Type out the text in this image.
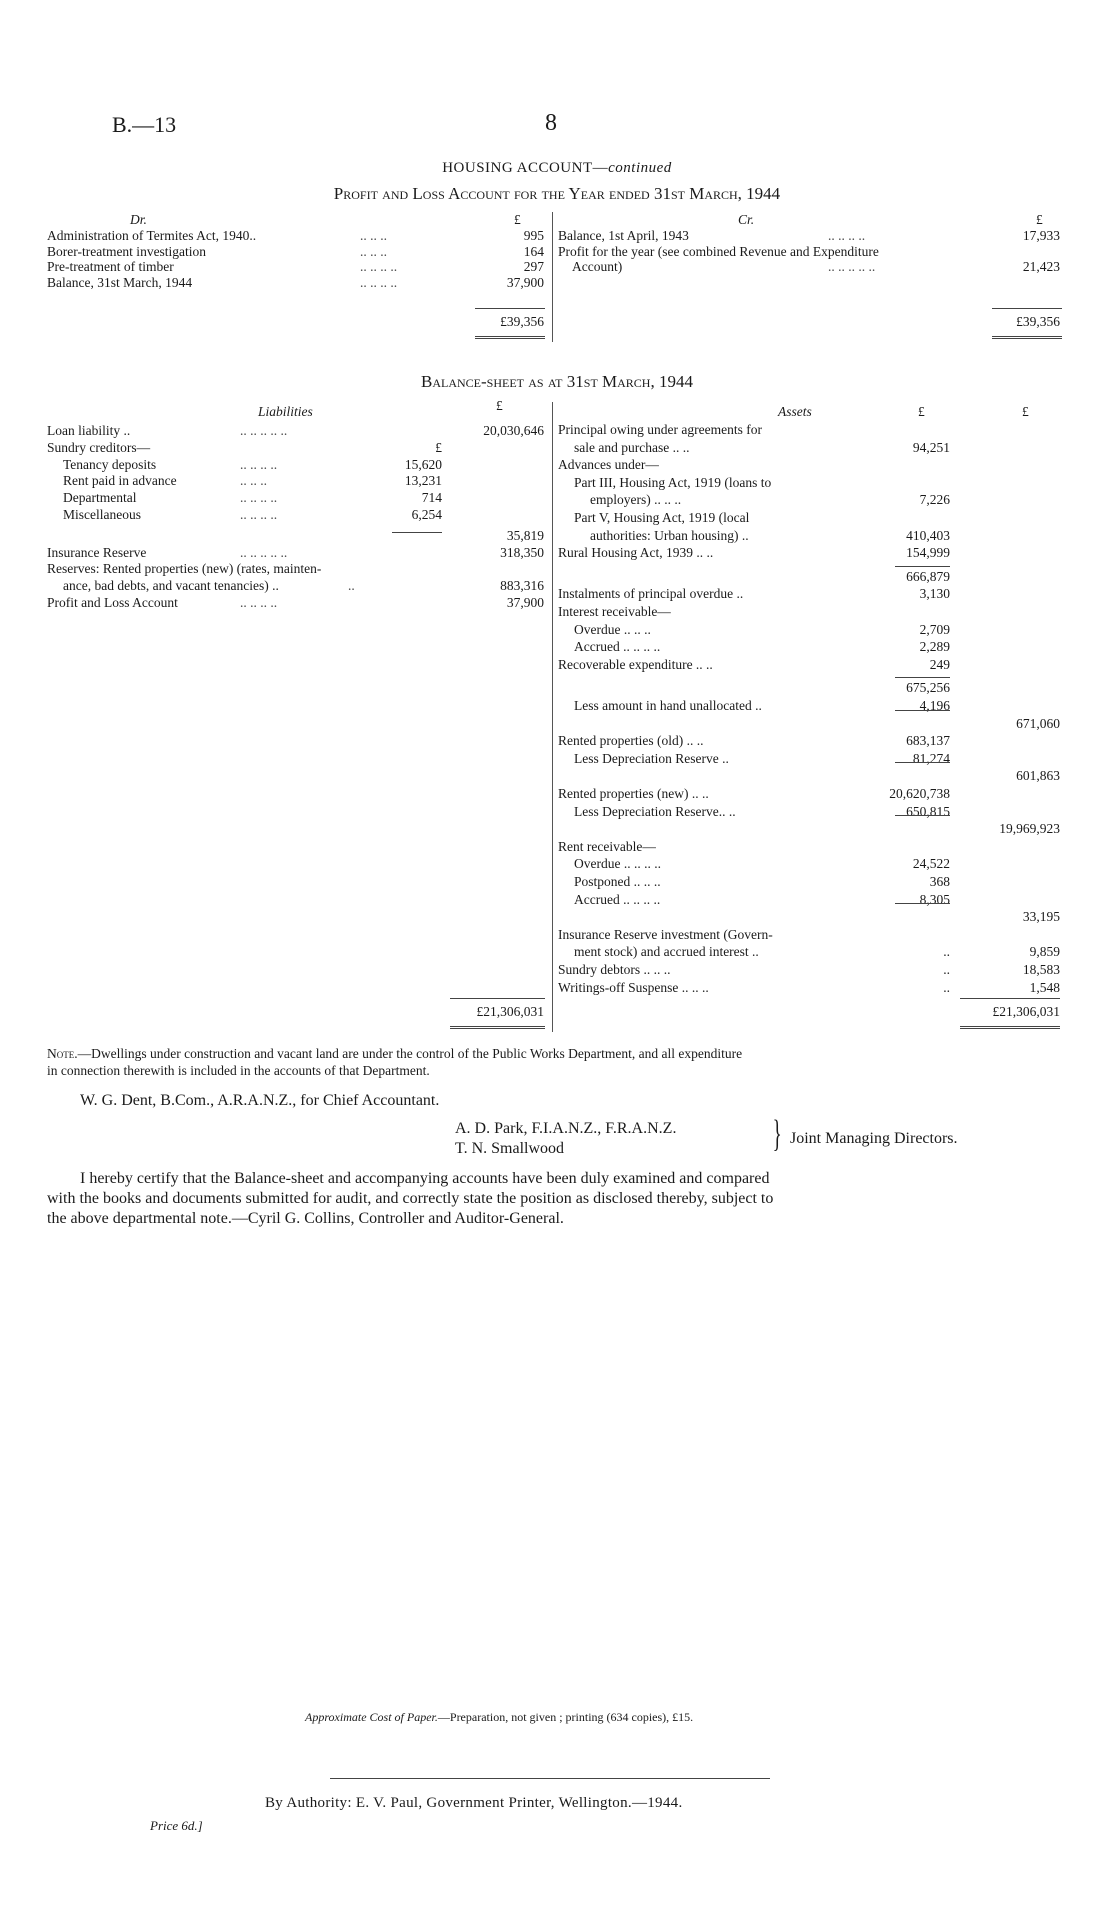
B.—13	8
HOUSING ACCOUNT—continued
Profit and Loss Account for the Year ended 31st March, 1944
Dr.	£	Cr.	£
Administration of Termites Act, 1940..	.. .. ..	995
Borer-treatment investigation	.. .. ..	164
Pre-treatment of timber	.. .. .. ..	297
Balance, 31st March, 1944	.. .. .. ..	37,900
Balance, 1st April, 1943	.. .. .. ..	17,933
Profit for the year (see combined Revenue and Expenditure
Account)	.. .. .. .. ..	21,423
£39,356	£39,356
Balance-sheet as at 31st March, 1944
Liabilities	£	Assets	£	£
Loan liability ..	.. .. .. .. ..	20,030,646
Sundry creditors—	£
Tenancy deposits	.. .. .. ..	15,620
Rent paid in advance	.. .. ..	13,231
Departmental	.. .. .. ..	714
Miscellaneous	.. .. .. ..	6,254
35,819
Insurance Reserve	.. .. .. .. ..	318,350
Reserves: Rented properties (new) (rates, mainten-
ance, bad debts, and vacant tenancies) ..	..	883,316
Profit and Loss Account	.. .. .. ..	37,900
Principal owing under agreements for
sale and purchase .. ..	94,251
Advances under—
Part III, Housing Act, 1919 (loans to
employers) .. .. ..	7,226
Part V, Housing Act, 1919 (local
authorities: Urban housing) ..	410,403
Rural Housing Act, 1939 .. ..	154,999
666,879
Instalments of principal overdue ..	3,130
Interest receivable—
Overdue .. .. ..	2,709
Accrued .. .. .. ..	2,289
Recoverable expenditure .. ..	249
675,256
Less amount in hand unallocated ..	4,196
671,060
Rented properties (old) .. ..	683,137
Less Depreciation Reserve ..	81,274
601,863
Rented properties (new) .. ..	20,620,738
Less Depreciation Reserve.. ..	650,815
19,969,923
Rent receivable—
Overdue .. .. .. ..	24,522
Postponed .. .. ..	368
Accrued .. .. .. ..	8,305
33,195
Insurance Reserve investment (Govern-
ment stock) and accrued interest ..	..	9,859
Sundry debtors .. .. ..	..	18,583
Writings-off Suspense .. .. ..	..	1,548
£21,306,031	£21,306,031
Note.—Dwellings under construction and vacant land are under the control of the Public Works Department, and all expenditure
in connection therewith is included in the accounts of that Department.
W. G. Dent, B.Com., A.R.A.N.Z., for Chief Accountant.
A. D. Park, F.I.A.N.Z., F.R.A.N.Z.
T. N. Smallwood	} Joint Managing Directors.
I hereby certify that the Balance-sheet and accompanying accounts have been duly examined and compared
with the books and documents submitted for audit, and correctly state the position as disclosed thereby, subject to
the above departmental note.—Cyril G. Collins, Controller and Auditor-General.
Approximate Cost of Paper.—Preparation, not given ; printing (634 copies), £15.
By Authority: E. V. Paul, Government Printer, Wellington.—1944.
Price 6d.]
